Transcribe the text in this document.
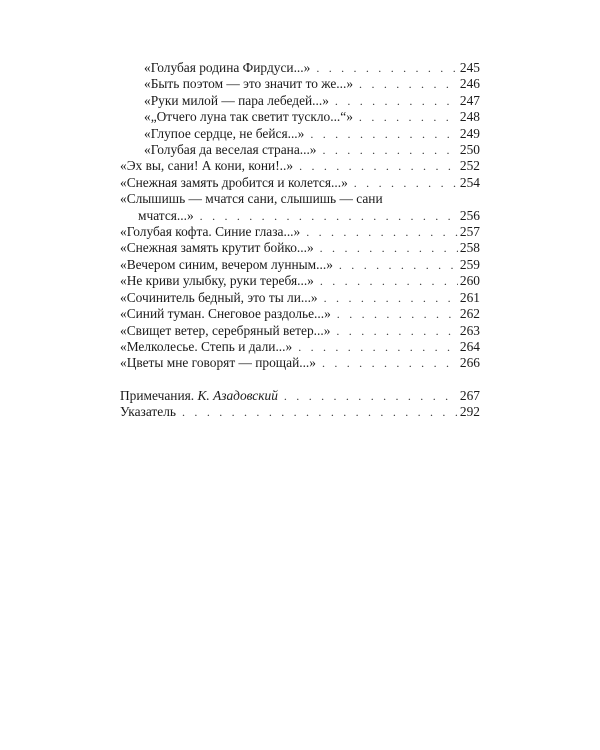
«Голубая родина Фирдуси...» . . .	245
«Быть поэтом — это значит то же...» . . .	246
«Руки милой — пара лебедей...» . . .	247
«„Отчего луна так светит тускло...“» . . .	248
«Глупое сердце, не бейся...» . . .	249
«Голубая да веселая страна...» . . .	250
«Эх вы, сани! А кони, кони!..» . . .	252
«Снежная замять дробится и колется...» . . .	254
«Слышишь — мчатся сани, слышишь — сани
мчатся...» . . .	256
«Голубая кофта. Синие глаза...» . . .	257
«Снежная замять крутит бойко...» . . .	258
«Вечером синим, вечером лунным...» . . .	259
«Не криви улыбку, руки теребя...» . . .	260
«Сочинитель бедный, это ты ли...» . . .	261
«Синий туман. Снеговое раздолье...» . . .	262
«Свищет ветер, серебряный ветер...» . . .	263
«Мелколесье. Степь и дали...» . . .	264
«Цветы мне говорят — прощай...» . . .	266
Примечания. К. Азадовский . . .	267
Указатель . . .	292
